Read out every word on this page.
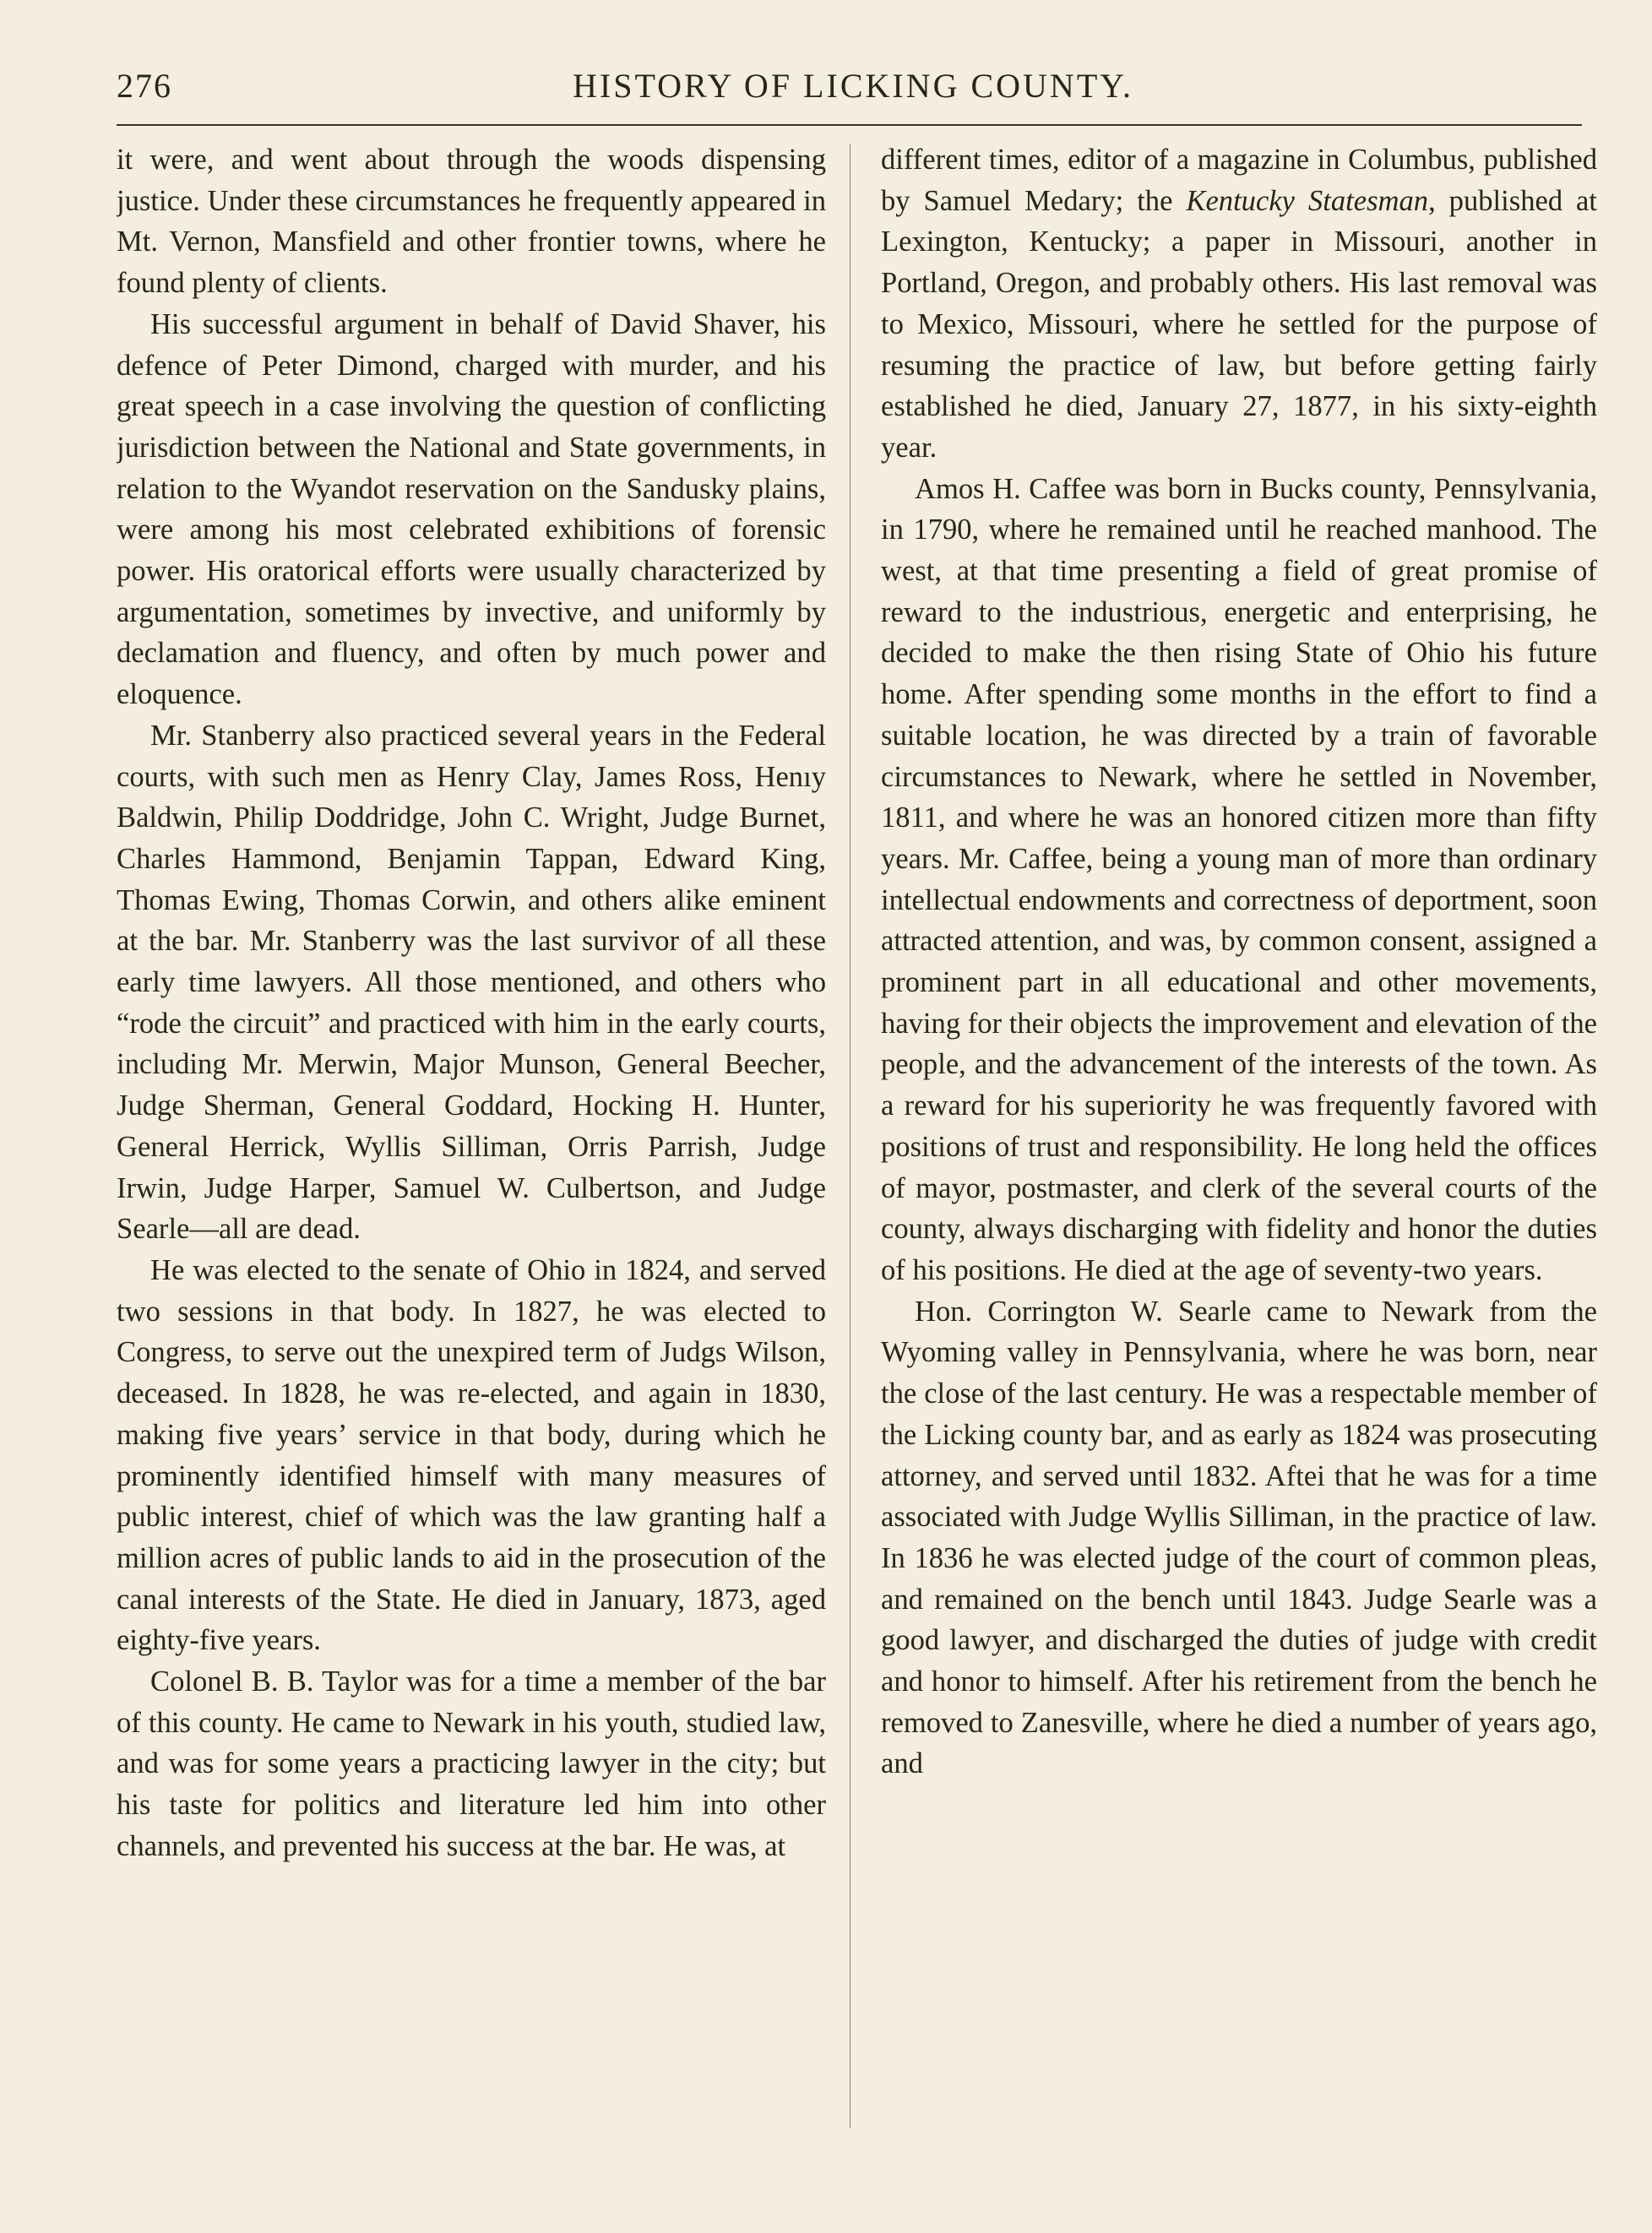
276	HISTORY OF LICKING COUNTY.

it were, and went about through the woods dispensing justice. Under these circumstances he frequently appeared in Mt. Vernon, Mansfield and other frontier towns, where he found plenty of clients.

His successful argument in behalf of David Shaver, his defence of Peter Dimond, charged with murder, and his great speech in a case involving the question of conflicting jurisdiction between the National and State governments, in relation to the Wyandot reservation on the Sandusky plains, were among his most celebrated exhibitions of forensic power. His oratorical efforts were usually characterized by argumentation, sometimes by invective, and uniformly by declamation and fluency, and often by much power and eloquence.

Mr. Stanberry also practiced several years in the Federal courts, with such men as Henry Clay, James Ross, Henıy Baldwin, Philip Doddridge, John C. Wright, Judge Burnet, Charles Hammond, Benjamin Tappan, Edward King, Thomas Ewing, Thomas Corwin, and others alike eminent at the bar. Mr. Stanberry was the last survivor of all these early time lawyers. All those mentioned, and others who “rode the circuit” and practiced with him in the early courts, including Mr. Merwin, Major Munson, General Beecher, Judge Sherman, General Goddard, Hocking H. Hunter, General Herrick, Wyllis Silliman, Orris Parrish, Judge Irwin, Judge Harper, Samuel W. Culbertson, and Judge Searle—all are dead.

He was elected to the senate of Ohio in 1824, and served two sessions in that body. In 1827, he was elected to Congress, to serve out the unexpired term of Judgs Wilson, deceased. In 1828, he was re-elected, and again in 1830, making five years’ service in that body, during which he prominently identified himself with many measures of public interest, chief of which was the law granting half a million acres of public lands to aid in the prosecution of the canal interests of the State. He died in January, 1873, aged eighty-five years.

Colonel B. B. Taylor was for a time a member of the bar of this county. He came to Newark in his youth, studied law, and was for some years a practicing lawyer in the city; but his taste for politics and literature led him into other channels, and prevented his success at the bar. He was, at

different times, editor of a magazine in Columbus, published by Samuel Medary; the Kentucky Statesman, published at Lexington, Kentucky; a paper in Missouri, another in Portland, Oregon, and probably others. His last removal was to Mexico, Missouri, where he settled for the purpose of resuming the practice of law, but before getting fairly established he died, January 27, 1877, in his sixty-eighth year.

Amos H. Caffee was born in Bucks county, Pennsylvania, in 1790, where he remained until he reached manhood. The west, at that time presenting a field of great promise of reward to the industrious, energetic and enterprising, he decided to make the then rising State of Ohio his future home. After spending some months in the effort to find a suitable location, he was directed by a train of favorable circumstances to Newark, where he settled in November, 1811, and where he was an honored citizen more than fifty years. Mr. Caffee, being a young man of more than ordinary intellectual endowments and correctness of deportment, soon attracted attention, and was, by common consent, assigned a prominent part in all educational and other movements, having for their objects the improvement and elevation of the people, and the advancement of the interests of the town. As a reward for his superiority he was frequently favored with positions of trust and responsibility. He long held the offices of mayor, postmaster, and clerk of the several courts of the county, always discharging with fidelity and honor the duties of his positions. He died at the age of seventy-two years.

Hon. Corrington W. Searle came to Newark from the Wyoming valley in Pennsylvania, where he was born, near the close of the last century. He was a respectable member of the Licking county bar, and as early as 1824 was prosecuting attorney, and served until 1832. Aftei that he was for a time associated with Judge Wyllis Silliman, in the practice of law. In 1836 he was elected judge of the court of common pleas, and remained on the bench until 1843. Judge Searle was a good lawyer, and discharged the duties of judge with credit and honor to himself. After his retirement from the bench he removed to Zanesville, where he died a number of years ago, and
